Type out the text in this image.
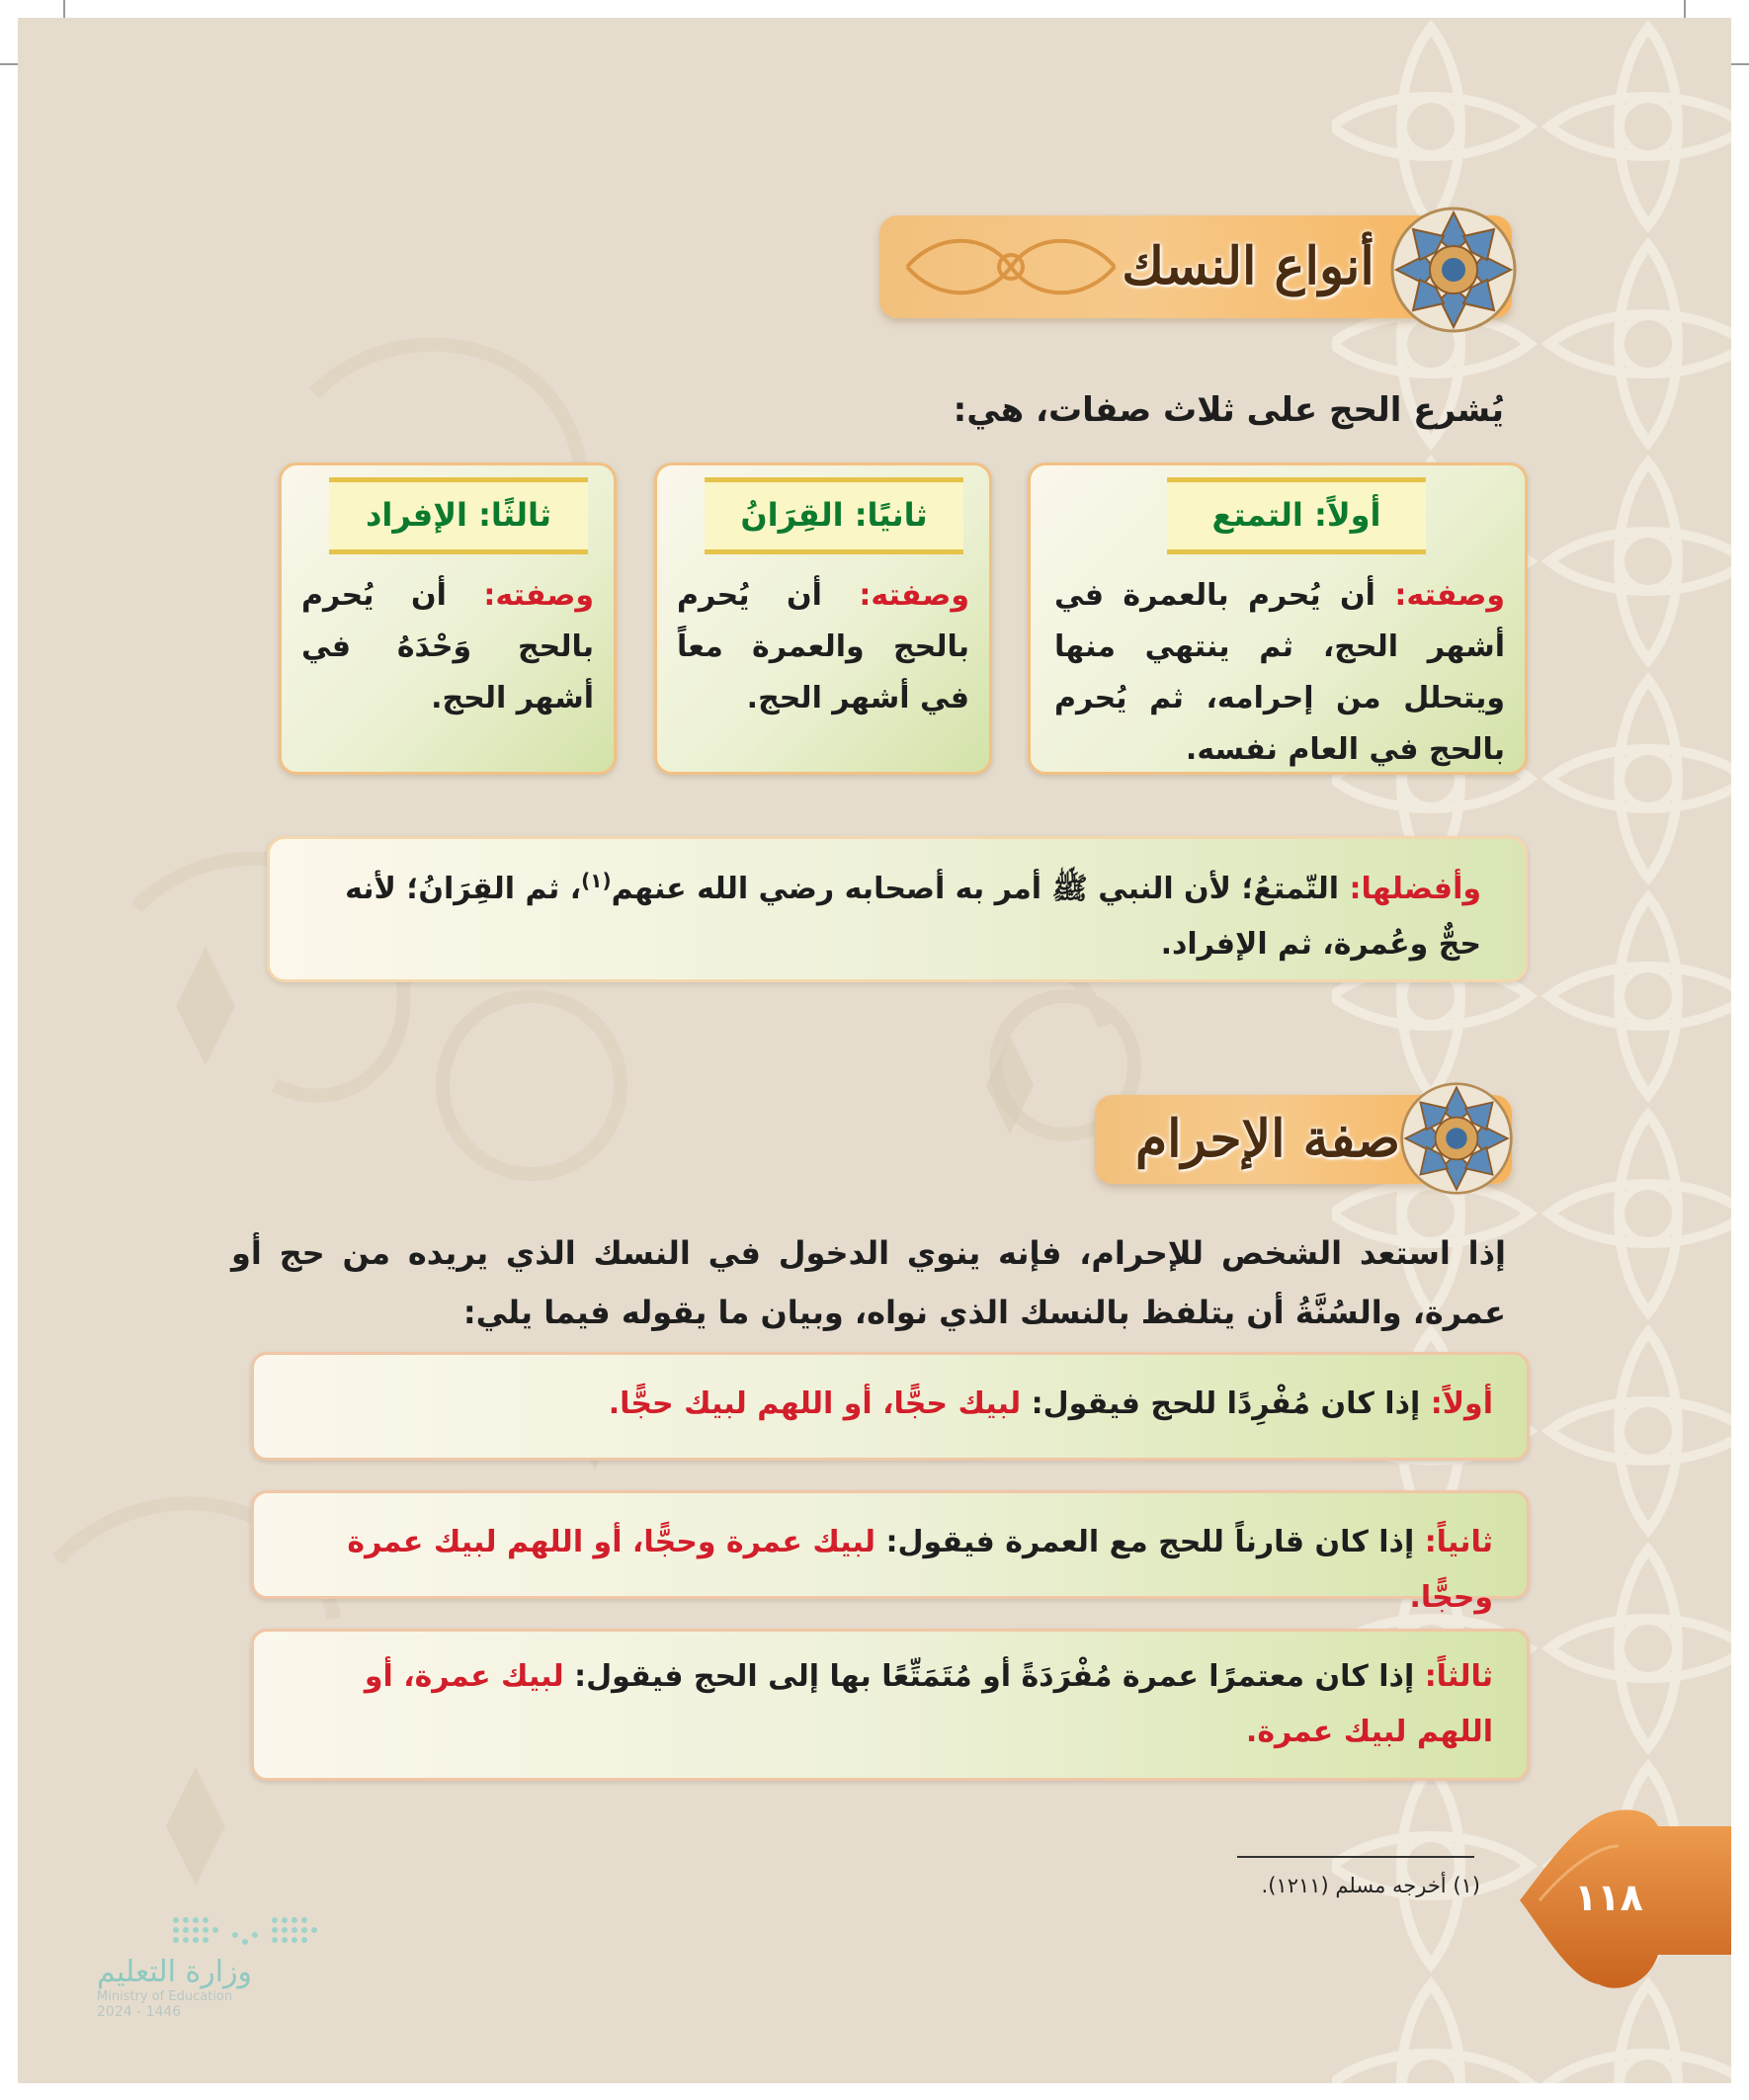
أنواع النسك
يُشرع الحج على ثلاث صفات، هي:
أولاً: التمتع
وصفته: أن يُحرم بالعمرة في أشهر الحج، ثم ينتهي منها ويتحلل من إحرامه، ثم يُحرم بالحج في العام نفسه.
ثانيًا: القِرَانُ
وصفته: أن يُحرم بالحج والعمرة معاً في أشهر الحج.
ثالثًا: الإفراد
وصفته: أن يُحرم بالحج وَحْدَهُ في أشهر الحج.
وأفضلها: التّمتعُ؛ لأن النبي ﷺ أمر به أصحابه رضي الله عنهم$^{(١)}$، ثم القِرَانُ؛ لأنه حجٌّ وعُمرة، ثم الإفراد.
صفة الإحرام
إذا استعد الشخص للإحرام، فإنه ينوي الدخول في النسك الذي يريده من حج أو عمرة، والسُنَّةُ أن يتلفظ بالنسك الذي نواه، وبيان ما يقوله فيما يلي:
أولاً: إذا كان مُفْرِدًا للحج فيقول: لبيك حجًّا، أو اللهم لبيك حجًّا.
ثانياً: إذا كان قارناً للحج مع العمرة فيقول: لبيك عمرة وحجًّا، أو اللهم لبيك عمرة وحجًّا.
ثالثاً: إذا كان معتمرًا عمرة مُفْرَدَةً أو مُتَمَتِّعًا بها إلى الحج فيقول: لبيك عمرة، أو اللهم لبيك عمرة.
(١) أخرجه مسلم (١٢١١).	١١٨
وزارة التعليم
Ministry of Education
2024 - 1446
